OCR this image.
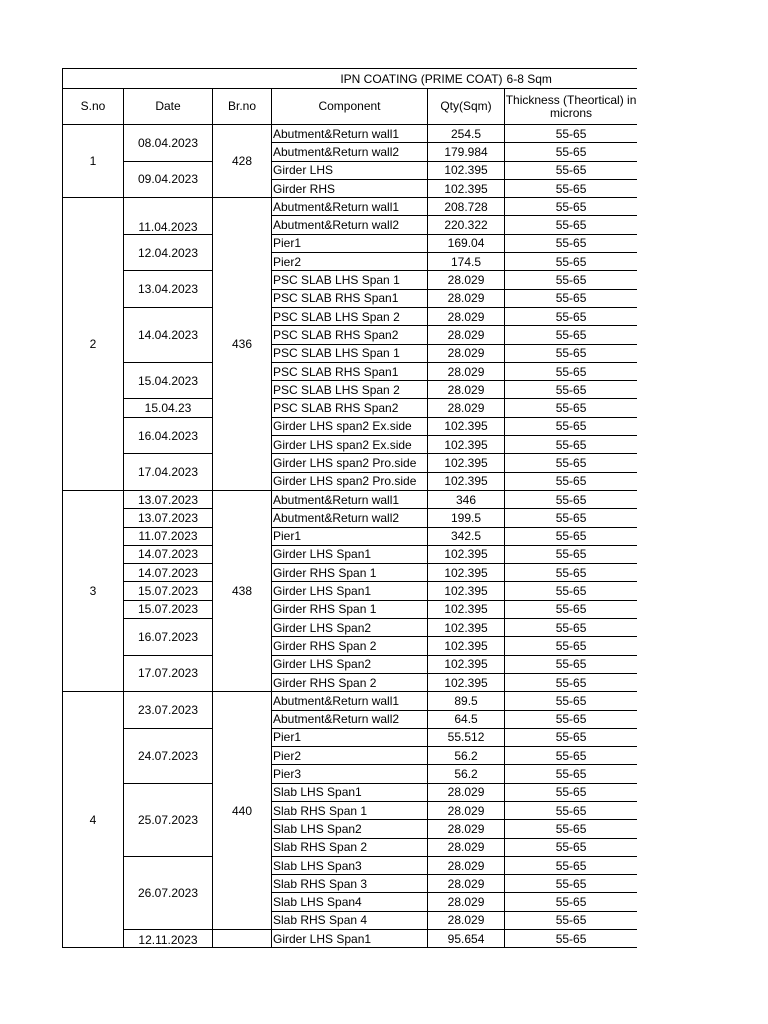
IPN COATING (PRIME COAT)					6-8 Sqm
S.no	Date	Br.no	Component	Qty(Sqm)	Thickness (Theortical) in microns
1	08.04.2023	428	Abutment&Return wall1	254.5	55-65
			Abutment&Return wall2	179.984	55-65
	09.04.2023		Girder LHS	102.395	55-65
			Girder RHS	102.395	55-65
2	11.04.2023	436	Abutment&Return wall1	208.728	55-65
			Abutment&Return wall2	220.322	55-65
	12.04.2023		Pier1	169.04	55-65
			Pier2	174.5	55-65
	13.04.2023		PSC SLAB LHS Span 1	28.029	55-65
			PSC SLAB RHS Span1	28.029	55-65
	14.04.2023		PSC SLAB LHS Span 2	28.029	55-65
			PSC SLAB RHS Span2	28.029	55-65
			PSC SLAB LHS Span 1	28.029	55-65
	15.04.2023		PSC SLAB RHS Span1	28.029	55-65
			PSC SLAB LHS Span 2	28.029	55-65
	15.04.23		PSC SLAB RHS Span2	28.029	55-65
	16.04.2023		Girder LHS span2 Ex.side	102.395	55-65
			Girder LHS span2 Ex.side	102.395	55-65
	17.04.2023		Girder LHS span2 Pro.side	102.395	55-65
			Girder LHS span2 Pro.side	102.395	55-65
3	13.07.2023	438	Abutment&Return wall1	346	55-65
	13.07.2023		Abutment&Return wall2	199.5	55-65
	11.07.2023		Pier1	342.5	55-65
	14.07.2023		Girder LHS Span1	102.395	55-65
	14.07.2023		Girder RHS Span 1	102.395	55-65
	15.07.2023		Girder LHS Span1	102.395	55-65
	15.07.2023		Girder RHS Span 1	102.395	55-65
	16.07.2023		Girder LHS Span2	102.395	55-65
			Girder RHS Span 2	102.395	55-65
	17.07.2023		Girder LHS Span2	102.395	55-65
			Girder RHS Span 2	102.395	55-65
4	23.07.2023	440	Abutment&Return wall1	89.5	55-65
			Abutment&Return wall2	64.5	55-65
	24.07.2023		Pier1	55.512	55-65
			Pier2	56.2	55-65
			Pier3	56.2	55-65
	25.07.2023		Slab LHS Span1	28.029	55-65
			Slab RHS Span 1	28.029	55-65
			Slab LHS Span2	28.029	55-65
			Slab RHS Span 2	28.029	55-65
	26.07.2023		Slab LHS Span3	28.029	55-65
			Slab RHS Span 3	28.029	55-65
			Slab LHS Span4	28.029	55-65
			Slab RHS Span 4	28.029	55-65
	12.11.2023		Girder LHS Span1	95.654	55-65
